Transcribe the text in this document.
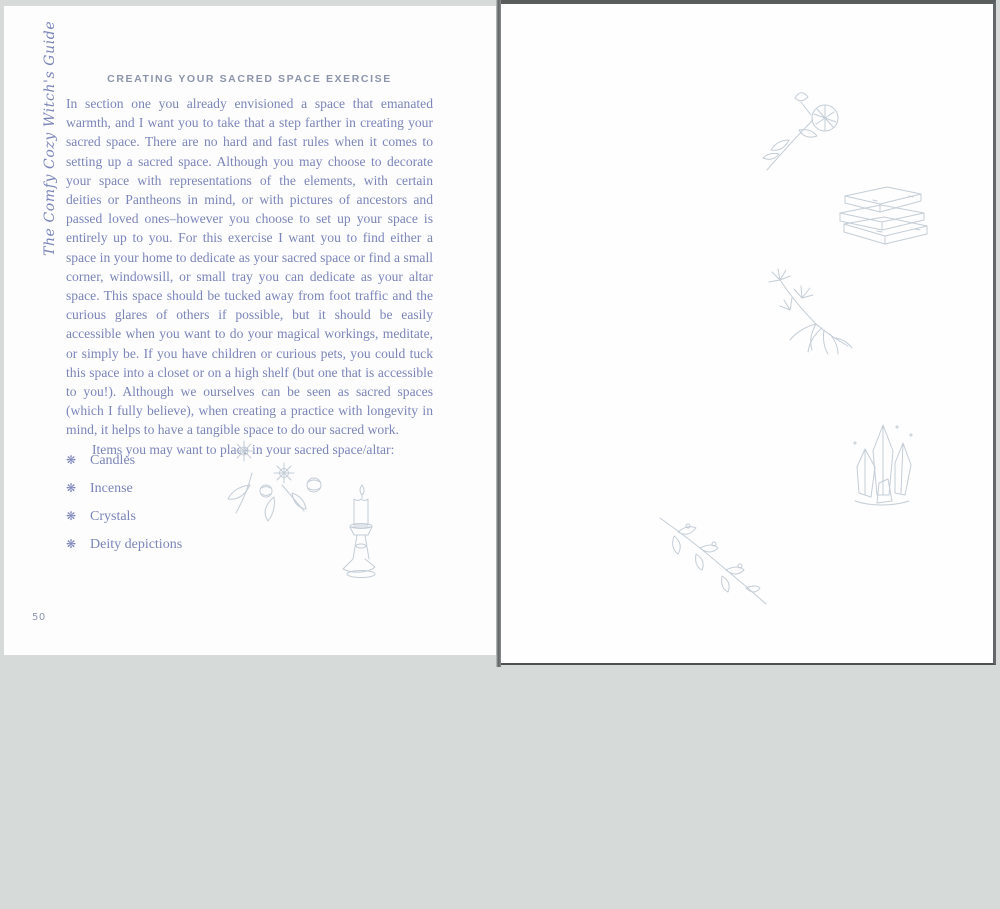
The Comfy Cozy Witch's Guide	CREATING YOUR SACRED SPACE EXERCISE

In section one you already envisioned a space that emanated warmth, and I want you to take that a step farther in creating your sacred space. There are no hard and fast rules when it comes to setting up a sacred space. Although you may choose to decorate your space with representations of the elements, with certain deities or Pantheons in mind, or with pictures of ancestors and passed loved ones–however you choose to set up your space is entirely up to you. For this exercise I want you to find either a space in your home to dedicate as your sacred space or find a small corner, windowsill, or small tray you can dedicate as your altar space. This space should be tucked away from foot traffic and the curious glares of others if possible, but it should be easily accessible when you want to do your magical workings, meditate, or simply be. If you have children or curious pets, you could tuck this space into a closet or on a high shelf (but one that is accessible to you!). Although we ourselves can be seen as sacred spaces (which I fully believe), when creating a practice with longevity in mind, it helps to have a tangible space to do our sacred work.

Items you may want to place in your sacred space/altar:

❋ Candles
❋ Incense
❋ Crystals
❋ Deity depictions
50
